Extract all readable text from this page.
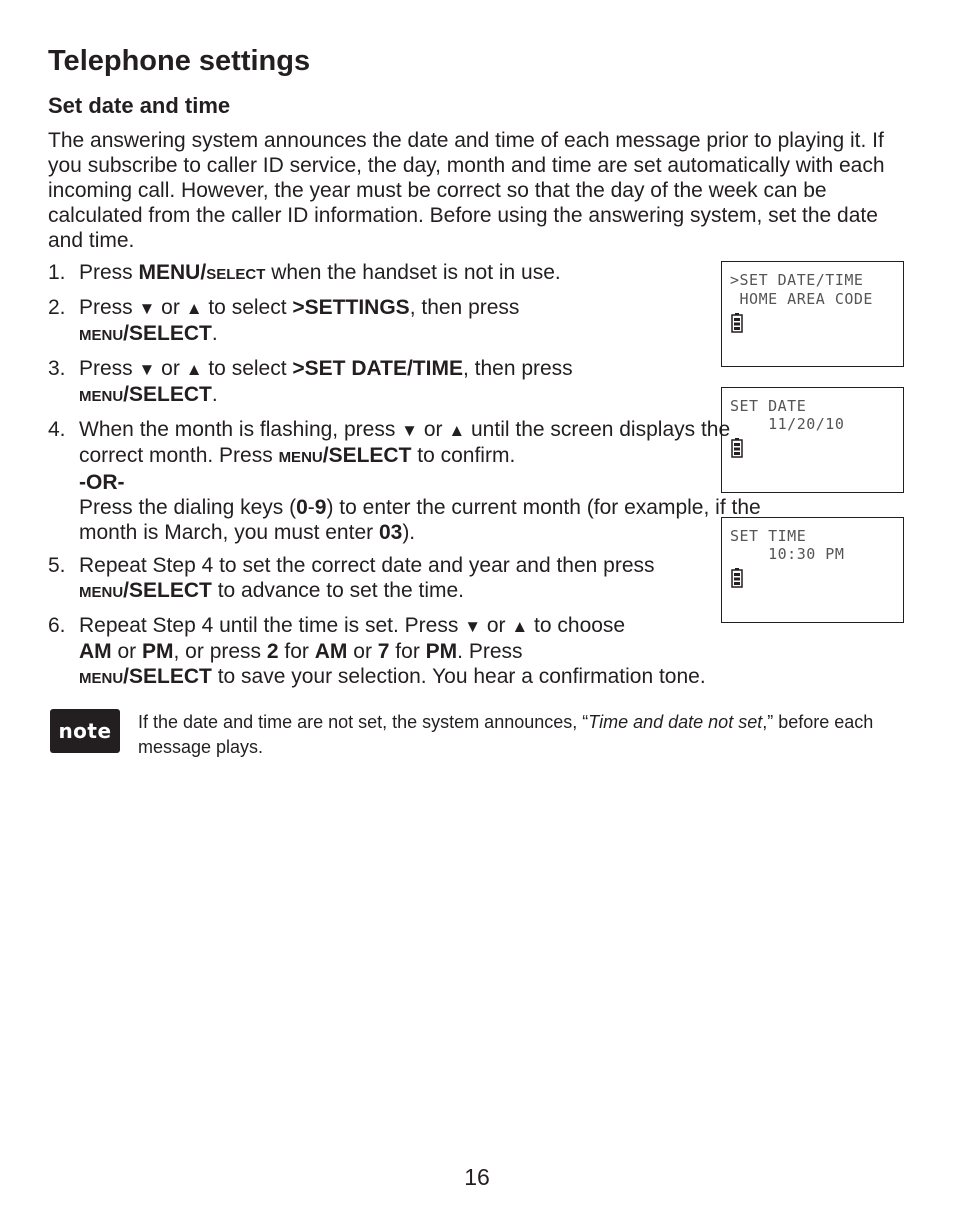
Telephone settings
Set date and time

The answering system announces the date and time of each message prior to playing it. If you subscribe to caller ID service, the day, month and time are set automatically with each incoming call. However, the year must be correct so that the day of the week can be calculated from the caller ID information. Before using the answering system, set the date and time.

1. Press MENU/SELECT when the handset is not in use.
2. Press ▼ or ▲ to select >SETTINGS, then press
MENU/SELECT.
3. Press ▼ or ▲ to select >SET DATE/TIME, then press
MENU/SELECT.
4. When the month is flashing, press ▼ or ▲ until the screen displays the correct month. Press MENU/SELECT to confirm.
-OR-
Press the dialing keys (0-9) to enter the current month (for example, if the month is March, you must enter 03).
5. Repeat Step 4 to set the correct date and year and then press MENU/SELECT to advance to set the time.
6. Repeat Step 4 until the time is set. Press ▼ or ▲ to choose
AM or PM, or press 2 for AM or 7 for PM. Press
MENU/SELECT to save your selection. You hear a confirmation tone.
>SET DATE/TIME
HOME AREA CODE
SET DATE
11/20/10
SET TIME
10:30 PM
note	If the date and time are not set, the system announces, “Time and date not set,” before each message plays.

16
